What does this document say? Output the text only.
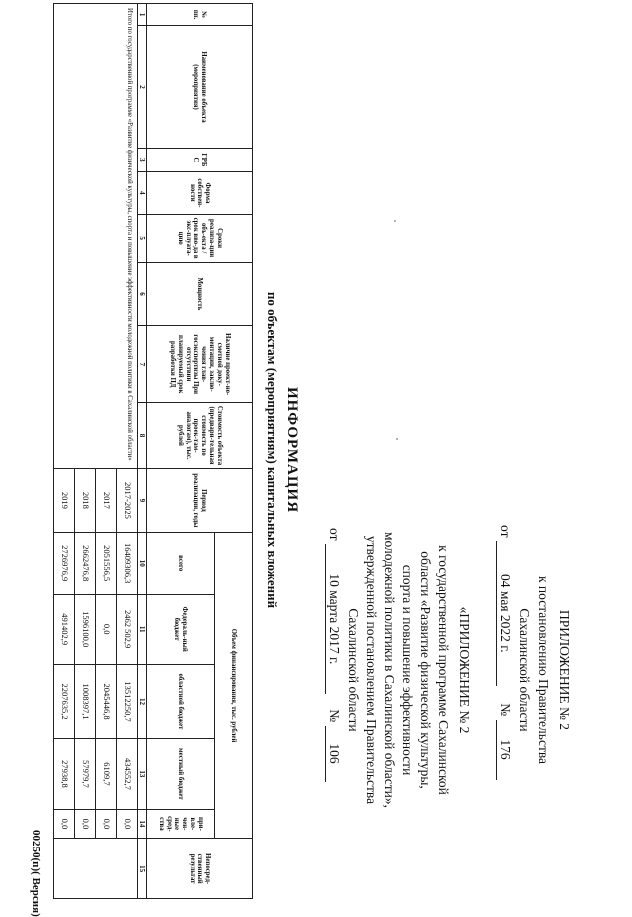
ПРИЛОЖЕНИЕ № 2
к постановлению Правительства
Сахалинской области
от 04 мая 2022 г. № 176
«ПРИЛОЖЕНИЕ № 2
к государственной программе Сахалинской
области «Развитие физической культуры,
спорта и повышение эффективности
молодежной политики в Сахалинской области»,
утвержденной постановлением Правительства
Сахалинской области
от 10 марта 2017 г. № 106
ИНФОРМАЦИЯ
по объектам (мероприятиям) капитальных вложений
№ пп.	Наименование объекта (мероприятия)	ГРБ С	Форма собствен-ности	Сроки реализа-ции объ-екта / срок вво-да в экс-плуата-цию	Мощность	Наличие проект-но-сметной доку-ментации, заклю-чения глав-госэкспертизы При отсутствии планируемый срок разработки ПД	Стоимость объекта (предвари-тельная стоимость по проек-там-аналогам), тыс. рублей	Период реализации, годы	Объем финансирования, тыс. рублей					Непосред-ственный результат
									всего	Федераль-ный бюджет	областной бюджет	местный бюджет	при-вле-чен-ные сред-ства	
1	2	3	4	5	6	7	8	9	10	11	12	13	14	15
Итого по государственной программе «Развитие физической культуры, спорта и повышение эффективности молодежной политики в Сахалинской области»								2017-2025	16409306,3	2462 502,9	13512250,7	434552,7	0,0	
								2017	2051556,5	0,0	2045446,8	6109,7	0,0	
								2018	2662476,8	1596100,0	1008397,1	57979,7	0,0	
								2019	2726976,9	491402,9	2207635,2	27938,8	0,0	
00250(п)( Версия)
